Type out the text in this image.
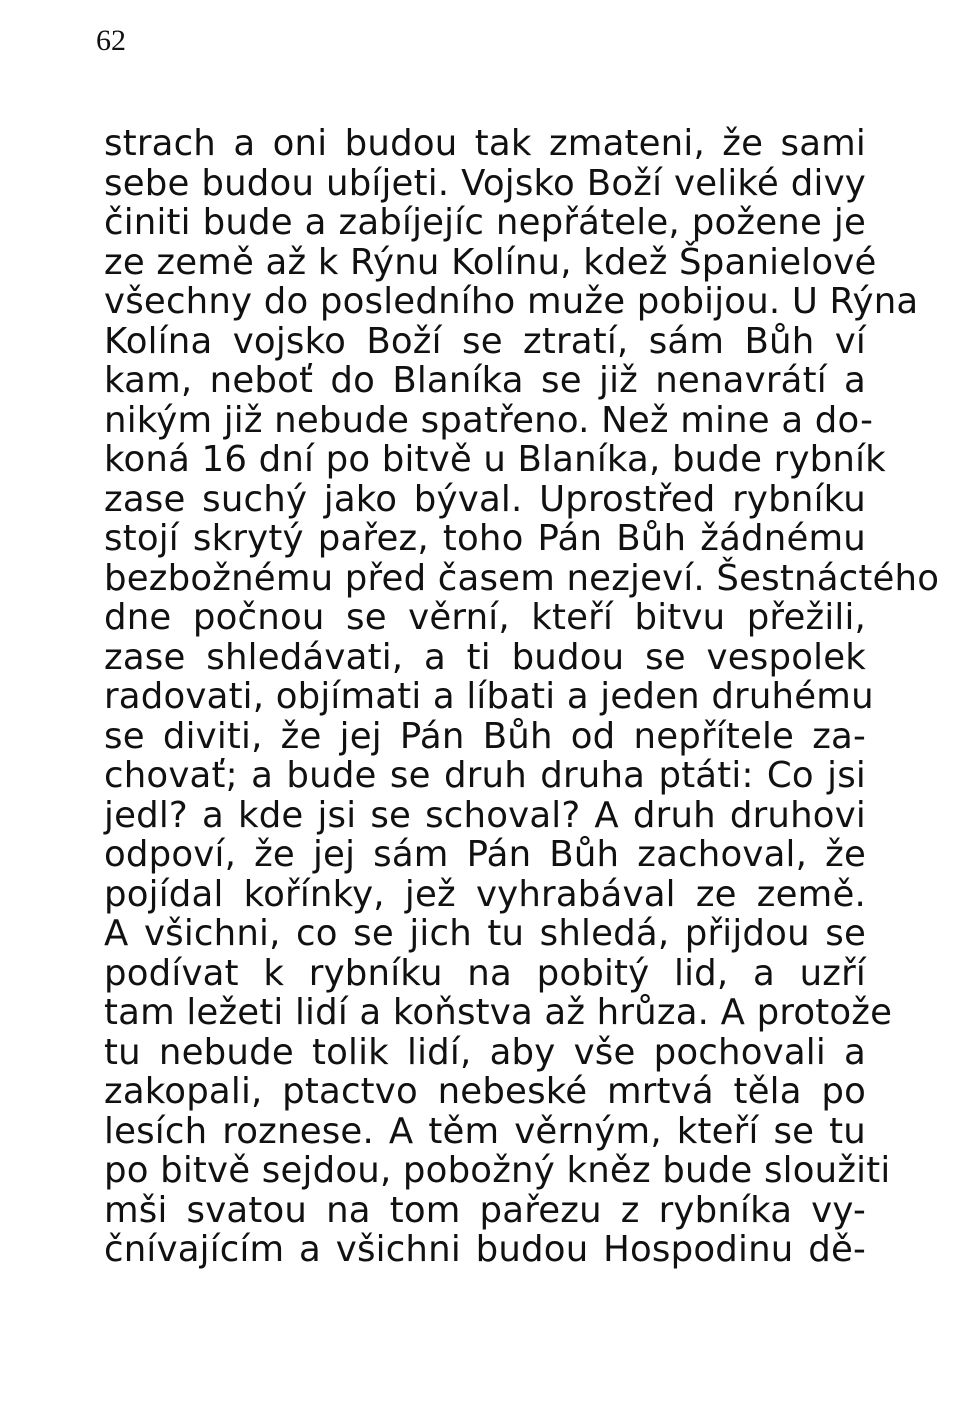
62
strach a oni budou tak zmateni, že sami
sebe budou ubíjeti. Vojsko Boží veliké divy
činiti bude a zabíjejíc nepřátele, požene je
ze země až k Rýnu Kolínu, kdež Španielové
všechny do posledního muže pobijou. U Rýna
Kolína vojsko Boží se ztratí, sám Bůh ví
kam, neboť do Blaníka se již nenavrátí a
nikým již nebude spatřeno. Než mine a do-
koná 16 dní po bitvě u Blaníka, bude rybník
zase suchý jako býval. Uprostřed rybníku
stojí skrytý pařez, toho Pán Bůh žádnému
bezbožnému před časem nezjeví. Šestnáctého
dne počnou se věrní, kteří bitvu přežili,
zase shledávati, a ti budou se vespolek
radovati, objímati a líbati a jeden druhému
se diviti, že jej Pán Bůh od nepřítele za-
chovať; a bude se druh druha ptáti: Co jsi
jedl? a kde jsi se schoval? A druh druhovi
odpoví, že jej sám Pán Bůh zachoval, že
pojídal kořínky, jež vyhrabával ze země.
A všichni, co se jich tu shledá, přijdou se
podívat k rybníku na pobitý lid, a uzří
tam ležeti lidí a koňstva až hrůza. A protože
tu nebude tolik lidí, aby vše pochovali a
zakopali, ptactvo nebeské mrtvá těla po
lesích roznese. A těm věrným, kteří se tu
po bitvě sejdou, pobožný kněz bude sloužiti
mši svatou na tom pařezu z rybníka vy-
čnívajícím a všichni budou Hospodinu dě-
